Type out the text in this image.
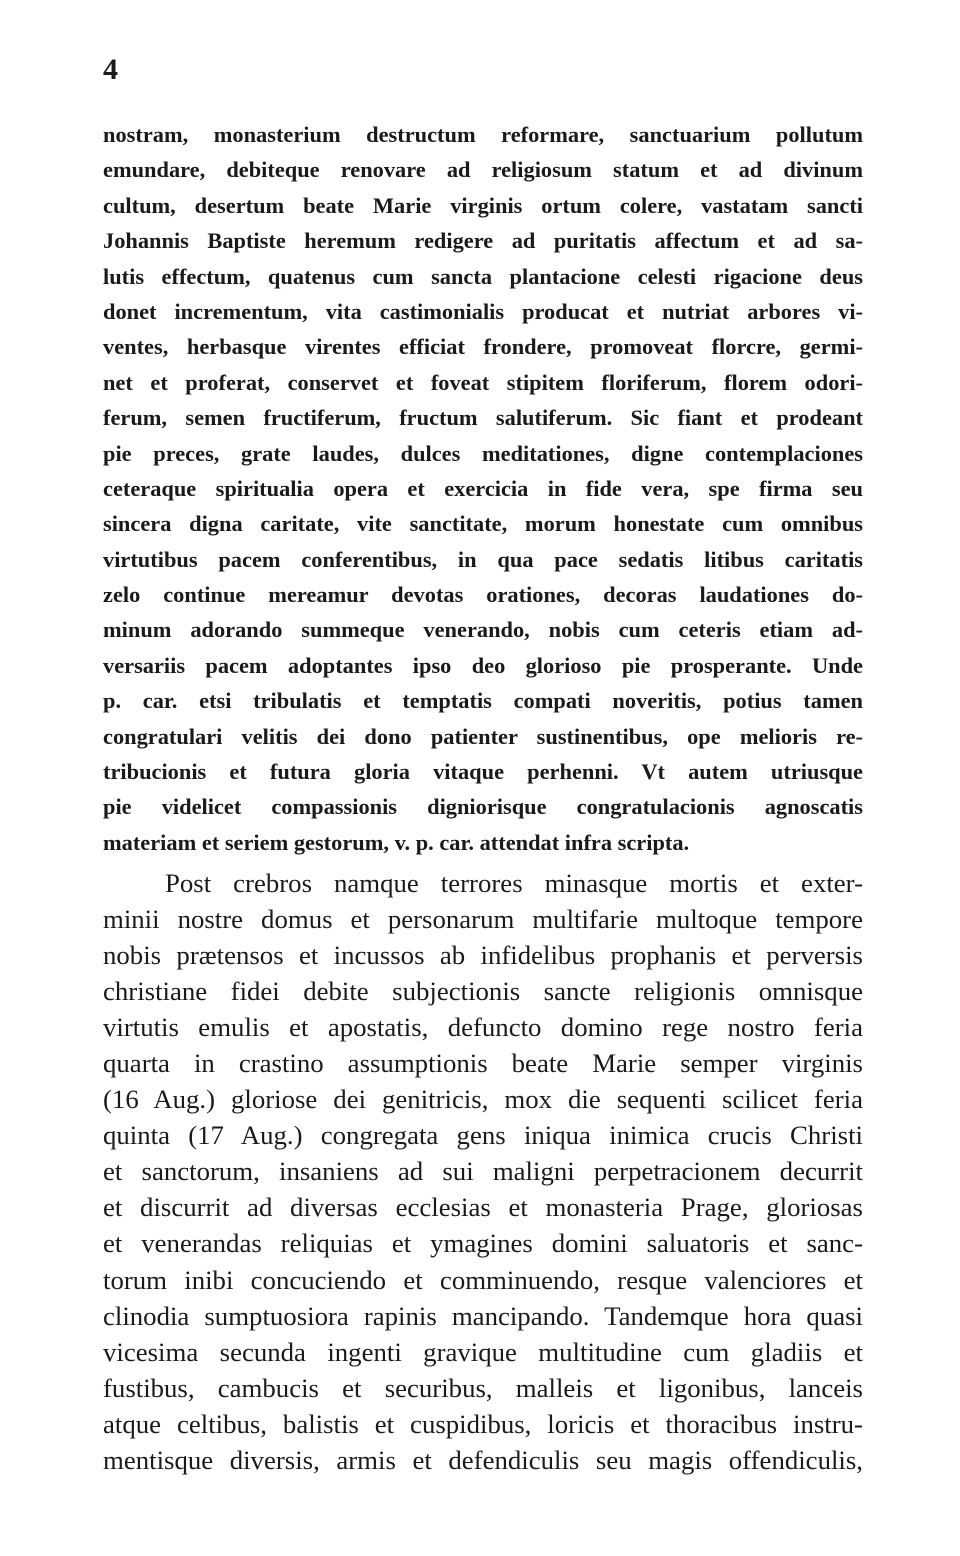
4
nostram, monasterium destructum reformare, sanctuarium pollutum
emundare, debiteque renovare ad religiosum statum et ad divinum
cultum, desertum beate Marie virginis ortum colere, vastatam sancti
Johannis Baptiste heremum redigere ad puritatis affectum et ad sa-
lutis effectum, quatenus cum sancta plantacione celesti rigacione deus
donet incrementum, vita castimonialis producat et nutriat arbores vi-
ventes, herbasque virentes efficiat frondere, promoveat florcre, germi-
net et proferat, conservet et foveat stipitem floriferum, florem odori-
ferum, semen fructiferum, fructum salutiferum. Sic fiant et prodeant
pie preces, grate laudes, dulces meditationes, digne contemplaciones
ceteraque spiritualia opera et exercicia in fide vera, spe firma seu
sincera digna caritate, vite sanctitate, morum honestate cum omnibus
virtutibus pacem conferentibus, in qua pace sedatis litibus caritatis
zelo continue mereamur devotas orationes, decoras laudationes do-
minum adorando summeque venerando, nobis cum ceteris etiam ad-
versariis pacem adoptantes ipso deo glorioso pie prosperante. Unde
p. car. etsi tribulatis et temptatis compati noveritis, potius tamen
congratulari velitis dei dono patienter sustinentibus, ope melioris re-
tribucionis et futura gloria vitaque perhenni. Vt autem utriusque
pie videlicet compassionis digniorisque congratulacionis agnoscatis
materiam et seriem gestorum, v. p. car. attendat infra scripta.
Post crebros namque terrores minasque mortis et exter-
minii nostre domus et personarum multifarie multoque tempore
nobis prætensos et incussos ab infidelibus prophanis et perversis
christiane fidei debite subjectionis sancte religionis omnisque
virtutis emulis et apostatis, defuncto domino rege nostro feria
quarta in crastino assumptionis beate Marie semper virginis
(16 Aug.) gloriose dei genitricis, mox die sequenti scilicet feria
quinta (17 Aug.) congregata gens iniqua inimica crucis Christi
et sanctorum, insaniens ad sui maligni perpetracionem decurrit
et discurrit ad diversas ecclesias et monasteria Prage, gloriosas
et venerandas reliquias et ymagines domini saluatoris et sanc-
torum inibi concuciendo et comminuendo, resque valenciores et
clinodia sumptuosiora rapinis mancipando. Tandemque hora quasi
vicesima secunda ingenti gravique multitudine cum gladiis et
fustibus, cambucis et securibus, malleis et ligonibus, lanceis
atque celtibus, balistis et cuspidibus, loricis et thoracibus instru-
mentisque diversis, armis et defendiculis seu magis offendiculis,
